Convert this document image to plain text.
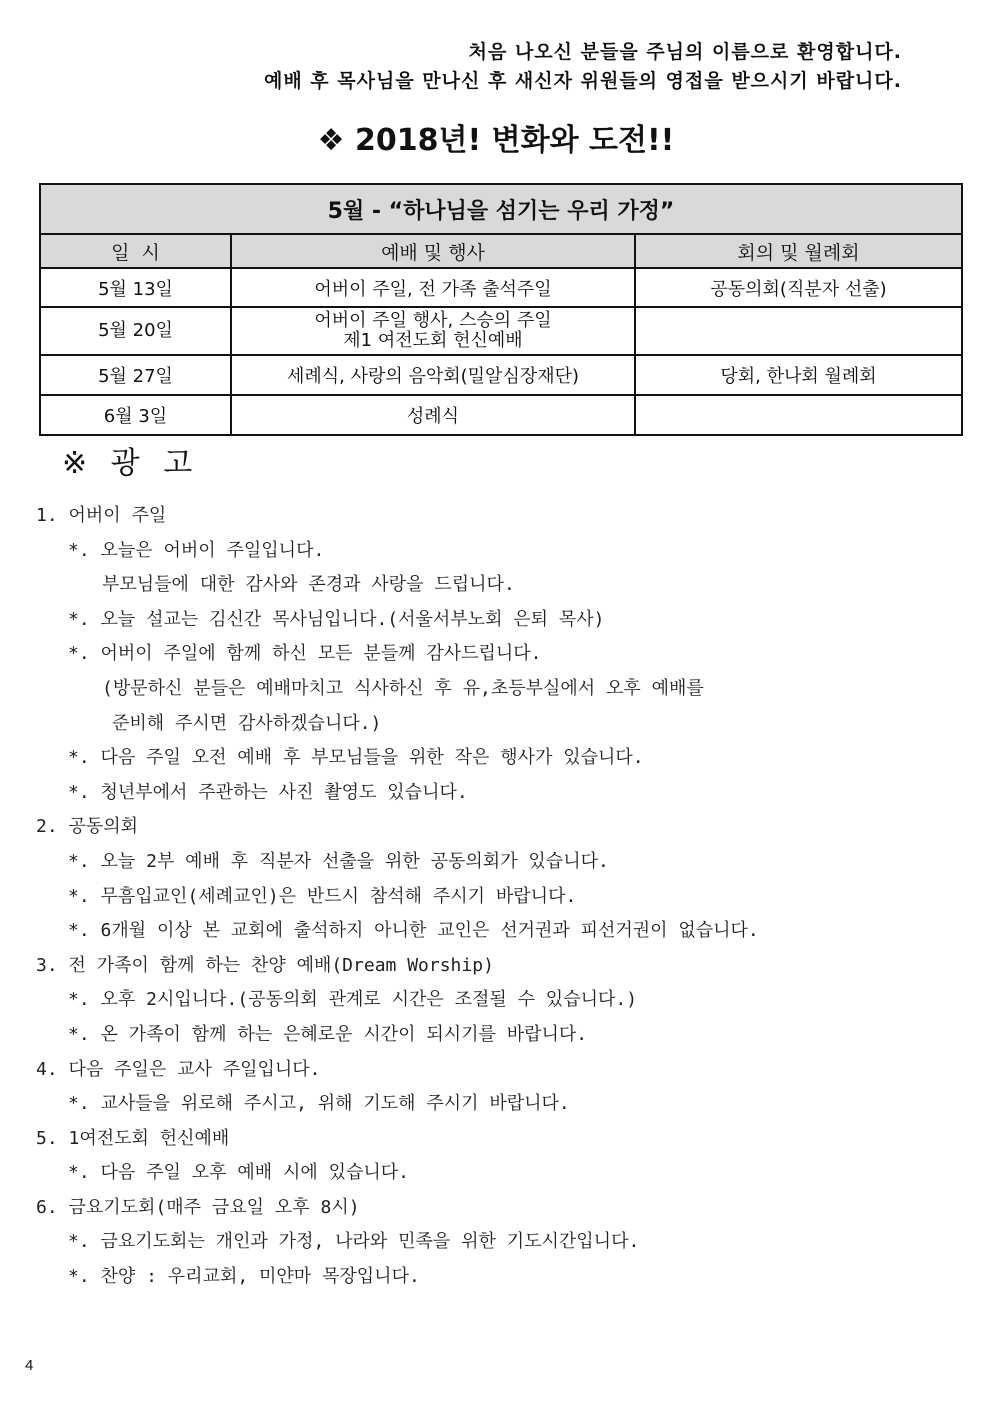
처음 나오신 분들을 주님의 이름으로 환영합니다.
예배 후 목사님을 만나신 후 새신자 위원들의 영접을 받으시기 바랍니다.
❖ 2018년! 변화와 도전!!
5월 - “하나님을 섬기는 우리 가정”		
일  시	예배 및 행사	회의 및 월례회
5월 13일	어버이 주일, 전 가족 출석주일	공동의회(직분자 선출)
5월 20일	어버이 주일 행사, 스승의 주일
제1 여전도회 헌신예배	

5월 27일	세례식, 사랑의 음악회(밀알심장재단)	당회, 한나회 월례회
6월 3일	성례식	

※ 광 고
1. 어버이 주일
*. 오늘은 어버이 주일입니다.
부모님들에 대한 감사와 존경과 사랑을 드립니다.
*. 오늘 설교는 김신간 목사님입니다.(서울서부노회 은퇴 목사)
*. 어버이 주일에 함께 하신 모든 분들께 감사드립니다.
(방문하신 분들은 예배마치고 식사하신 후 유,초등부실에서 오후 예배를
준비해 주시면 감사하겠습니다.)
*. 다음 주일 오전 예배 후 부모님들을 위한 작은 행사가 있습니다.
*. 청년부에서 주관하는 사진 촬영도 있습니다.
2. 공동의회
*. 오늘 2부 예배 후 직분자 선출을 위한 공동의회가 있습니다.
*. 무흠입교인(세례교인)은 반드시 참석해 주시기 바랍니다.
*. 6개월 이상 본 교회에 출석하지 아니한 교인은 선거권과 피선거권이 없습니다.
3. 전 가족이 함께 하는 찬양 예배(Dream Worship)
*. 오후 2시입니다.(공동의회 관계로 시간은 조절될 수 있습니다.)
*. 온 가족이 함께 하는 은혜로운 시간이 되시기를 바랍니다.
4. 다음 주일은 교사 주일입니다.
*. 교사들을 위로해 주시고, 위해 기도해 주시기 바랍니다.
5. 1여전도회 헌신예배
*. 다음 주일 오후 예배 시에 있습니다.
6. 금요기도회(매주 금요일 오후 8시)
*. 금요기도회는 개인과 가정, 나라와 민족을 위한 기도시간입니다.
*. 찬양 : 우리교회, 미얀마 목장입니다.
4
